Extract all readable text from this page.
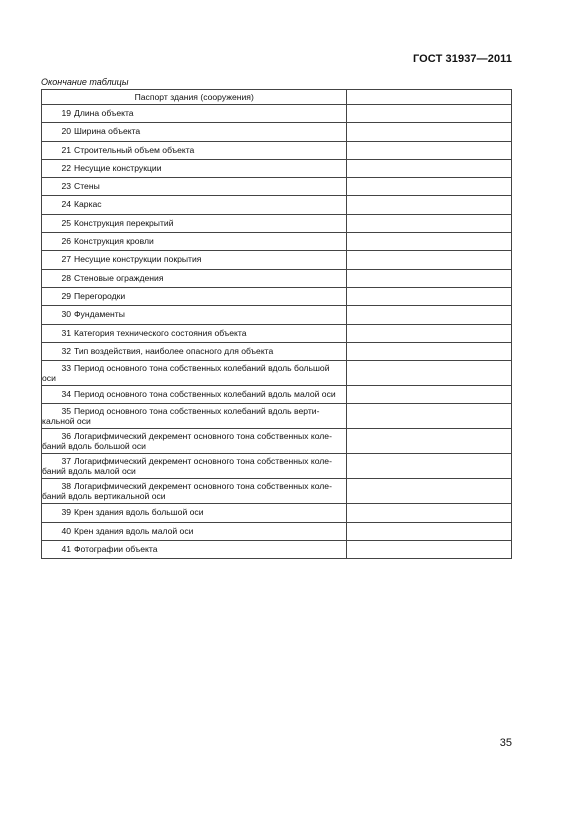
ГОСТ 31937—2011
Окончание таблицы
Паспорт здания (сооружения)	
19 Длина объекта	
20 Ширина объекта	
21 Строительный объем объекта	
22 Несущие конструкции	
23 Стены	
24 Каркас	
25 Конструкция перекрытий	
26 Конструкция кровли	
27 Несущие конструкции покрытия	
28 Стеновые ограждения	
29 Перегородки	
30 Фундаменты	
31 Категория технического состояния объекта	
32 Тип воздействия, наиболее опасного для объекта	
33 Период основного тона собственных колебаний вдоль большой
оси	
34 Период основного тона собственных колебаний вдоль малой оси	
35 Период основного тона собственных колебаний вдоль верти-
кальной оси	
36 Логарифмический декремент основного тона собственных коле-
баний вдоль большой оси	
37 Логарифмический декремент основного тона собственных коле-
баний вдоль малой оси	
38 Логарифмический декремент основного тона собственных коле-
баний вдоль вертикальной оси	
39 Крен здания вдоль большой оси	
40 Крен здания вдоль малой оси	
41 Фотографии объекта	
35
